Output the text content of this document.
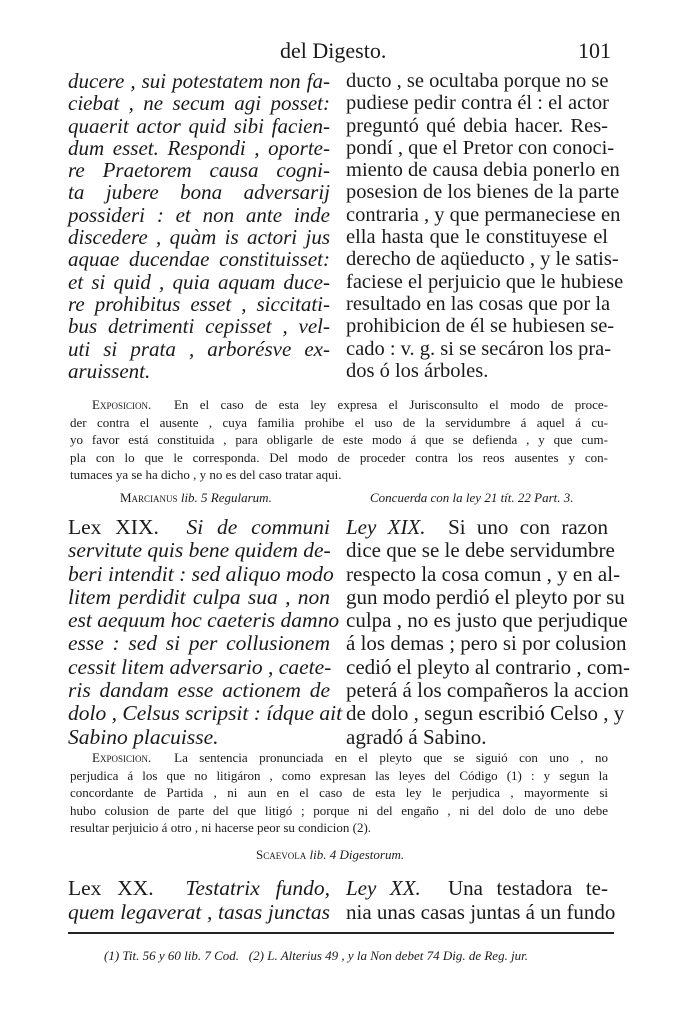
del Digesto.	101
ducere , sui potestatem non fa-
ciebat , ne secum agi posset:
quaerit actor quid sibi facien-
dum esset. Respondi , oporte-
re Praetorem causa cogni-
ta jubere bona adversarij
possideri : et non ante inde
discedere , quàm is actori jus
aquae ducendae constituisset:
et si quid , quia aquam duce-
re prohibitus esset , siccitati-
bus detrimenti cepisset , vel-
uti si prata , arborésve ex-
aruissent.
ducto , se ocultaba porque no se
pudiese pedir contra él : el actor
preguntó qué debia hacer. Res-
pondí , que el Pretor con conoci-
miento de causa debia ponerlo en
posesion de los bienes de la parte
contraria , y que permaneciese en
ella hasta que le constituyese el
derecho de aqüeducto , y le satis-
faciese el perjuicio que le hubiese
resultado en las cosas que por la
prohibicion de él se hubiesen se-
cado : v. g. si se secáron los pra-
dos ó los árboles.
Exposicion. En el caso de esta ley expresa el Jurisconsulto el modo de proce-
der contra el ausente , cuya familia prohibe el uso de la servidumbre á aquel á cu-
yo favor está constituida , para obligarle de este modo á que se defienda , y que cum-
pla con lo que le corresponda. Del modo de proceder contra los reos ausentes y con-
tumaces ya se ha dicho , y no es del caso tratar aqui.
Marcianus lib. 5 Regularum.	Concuerda con la ley 21 tít. 22 Part. 3.
Lex XIX. Si de communi
servitute quis bene quidem de-
beri intendit : sed aliquo modo
litem perdidit culpa sua , non
est aequum hoc caeteris damno
esse : sed si per collusionem
cessit litem adversario , caete-
ris dandam esse actionem de
dolo , Celsus scripsit : ídque ait
Sabino placuisse.
Ley XIX. Si uno con razon
dice que se le debe servidumbre
respecto la cosa comun , y en al-
gun modo perdió el pleyto por su
culpa , no es justo que perjudique
á los demas ; pero si por colusion
cedió el pleyto al contrario , com-
peterá á los compañeros la accion
de dolo , segun escribió Celso , y
agradó á Sabino.
Exposicion. La sentencia pronunciada en el pleyto que se siguió con uno , no
perjudica á los que no litigáron , como expresan las leyes del Código (1) : y segun la
concordante de Partida , ni aun en el caso de esta ley le perjudica , mayormente si
hubo colusion de parte del que litigó ; porque ni del engaño , ni del dolo de uno debe
resultar perjuicio á otro , ni hacerse peor su condicion (2).
Scaevola lib. 4 Digestorum.
Lex XX. Testatrix fundo,
quem legaverat , tasas junctas
Ley XX. Una testadora te-
nia unas casas juntas á un fundo
(1) Tit. 56 y 60 lib. 7 Cod.   (2) L. Alterius 49 , y la Non debet 74 Dig. de Reg. jur.
